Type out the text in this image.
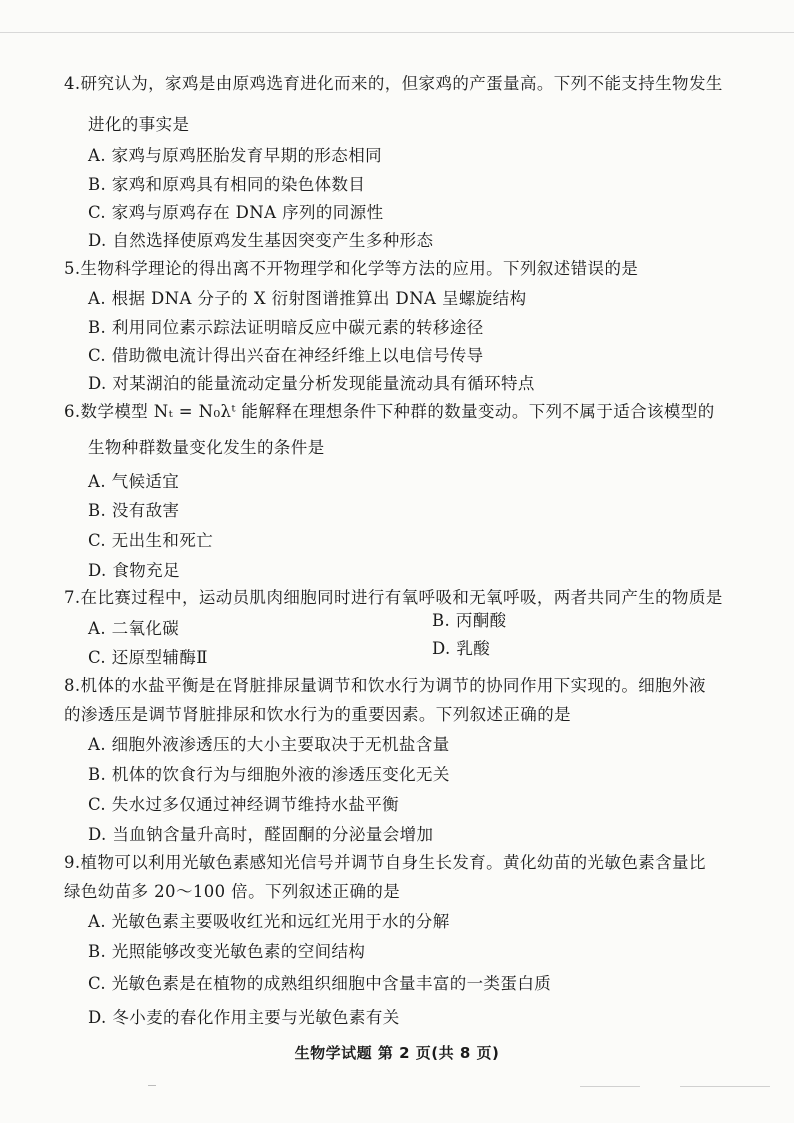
4.研究认为，家鸡是由原鸡选育进化而来的，但家鸡的产蛋量高。下列不能支持生物发生
进化的事实是
A. 家鸡与原鸡胚胎发育早期的形态相同
B. 家鸡和原鸡具有相同的染色体数目
C. 家鸡与原鸡存在 DNA 序列的同源性
D. 自然选择使原鸡发生基因突变产生多种形态
5.生物科学理论的得出离不开物理学和化学等方法的应用。下列叙述错误的是
A. 根据 DNA 分子的 X 衍射图谱推算出 DNA 呈螺旋结构
B. 利用同位素示踪法证明暗反应中碳元素的转移途径
C. 借助微电流计得出兴奋在神经纤维上以电信号传导
D. 对某湖泊的能量流动定量分析发现能量流动具有循环特点
6.数学模型 Nₜ = N₀λᵗ 能解释在理想条件下种群的数量变动。下列不属于适合该模型的
生物种群数量变化发生的条件是
A. 气候适宜
B. 没有敌害
C. 无出生和死亡
D. 食物充足
7.在比赛过程中，运动员肌肉细胞同时进行有氧呼吸和无氧呼吸，两者共同产生的物质是
A. 二氧化碳	B. 丙酮酸
C. 还原型辅酶Ⅱ	D. 乳酸
8.机体的水盐平衡是在肾脏排尿量调节和饮水行为调节的协同作用下实现的。细胞外液
的渗透压是调节肾脏排尿和饮水行为的重要因素。下列叙述正确的是
A. 细胞外液渗透压的大小主要取决于无机盐含量
B. 机体的饮食行为与细胞外液的渗透压变化无关
C. 失水过多仅通过神经调节维持水盐平衡
D. 当血钠含量升高时，醛固酮的分泌量会增加
9.植物可以利用光敏色素感知光信号并调节自身生长发育。黄化幼苗的光敏色素含量比
绿色幼苗多 20～100 倍。下列叙述正确的是
A. 光敏色素主要吸收红光和远红光用于水的分解
B. 光照能够改变光敏色素的空间结构
C. 光敏色素是在植物的成熟组织细胞中含量丰富的一类蛋白质
D. 冬小麦的春化作用主要与光敏色素有关
生物学试题 第 2 页(共 8 页)
